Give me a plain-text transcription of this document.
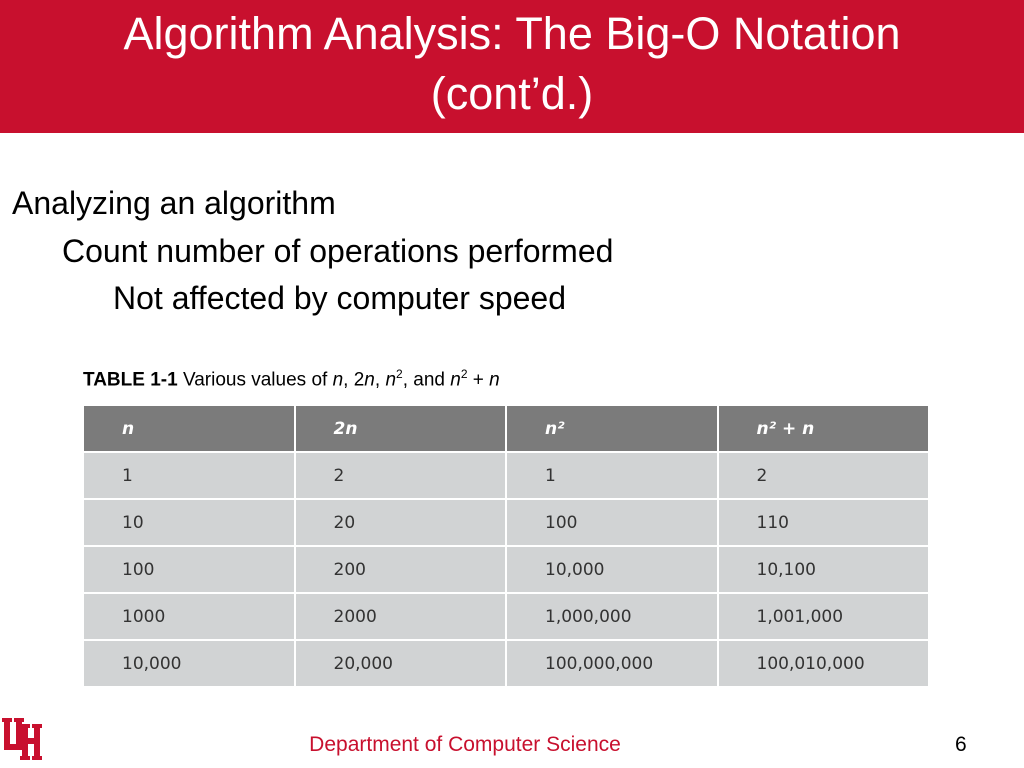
Algorithm Analysis: The Big-O Notation
(cont’d.)
Analyzing an algorithm
Count number of operations performed
Not affected by computer speed
TABLE 1-1 Various values of n, 2n, $n^2$, and $n^2 + n$
n	2n	n²	n² + n
1	2	1	2
10	20	100	110
100	200	10,000	10,100
1000	2000	1,000,000	1,001,000
10,000	20,000	100,000,000	100,010,000
Department of Computer Science	6
